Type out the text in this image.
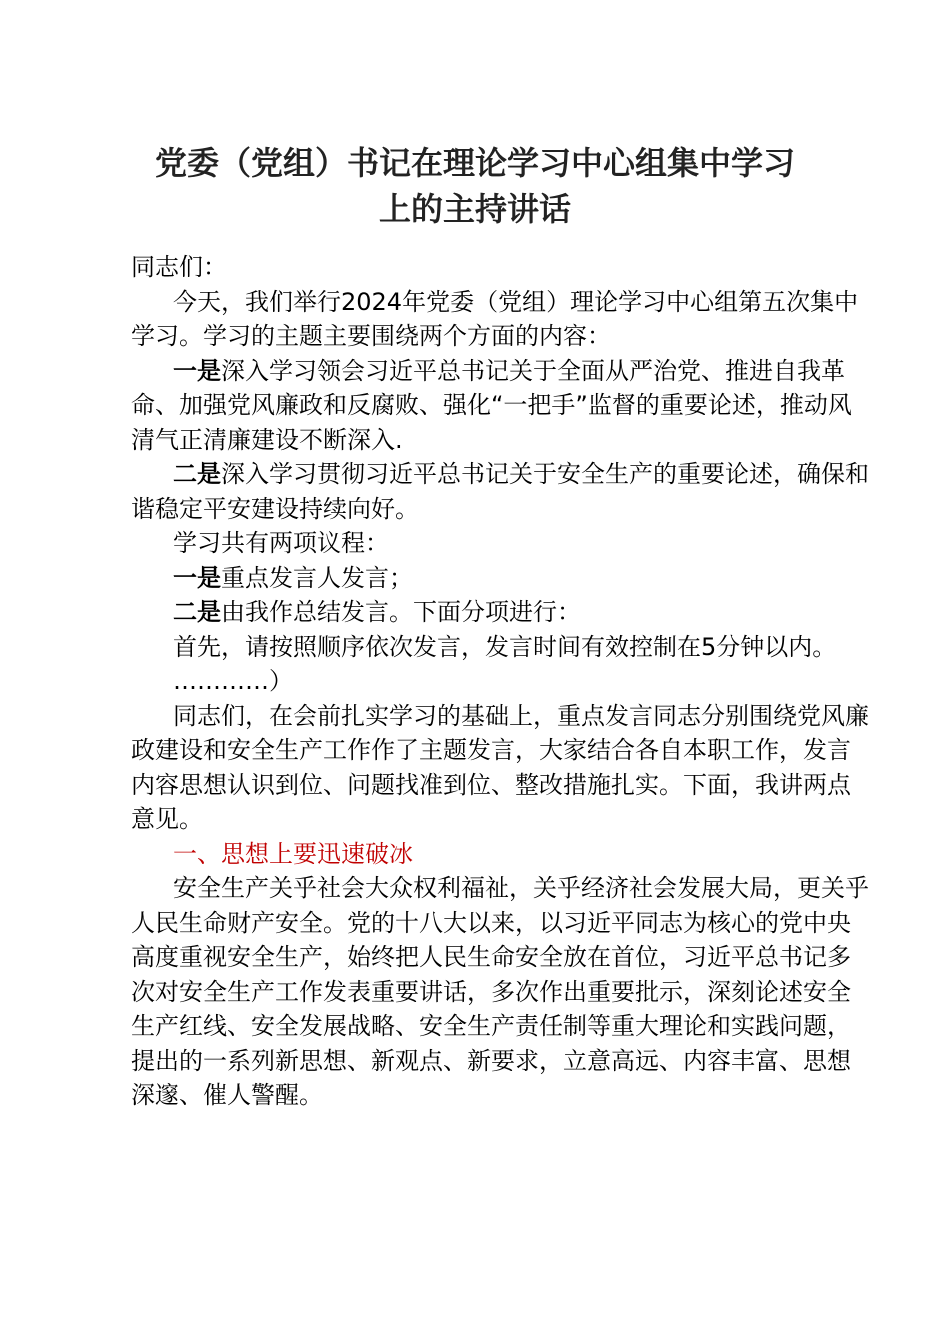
党委（党组）书记在理论学习中心组集中学习
上的主持讲话

同志们：

今天，我们举行2024年党委（党组）理论学习中心组第五次集中学习。学习的主题主要围绕两个方面的内容：

一是深入学习领会习近平总书记关于全面从严治党、推进自我革命、加强党风廉政和反腐败、强化“一把手”监督的重要论述，推动风清气正清廉建设不断深入.

二是深入学习贯彻习近平总书记关于安全生产的重要论述，确保和谐稳定平安建设持续向好。

学习共有两项议程：

一是重点发言人发言；

二是由我作总结发言。下面分项进行：

首先，请按照顺序依次发言，发言时间有效控制在5分钟以内。

…………）

同志们，在会前扎实学习的基础上，重点发言同志分别围绕党风廉政建设和安全生产工作作了主题发言，大家结合各自本职工作，发言内容思想认识到位、问题找准到位、整改措施扎实。下面，我讲两点意见。

一、思想上要迅速破冰

安全生产关乎社会大众权利福祉，关乎经济社会发展大局，更关乎人民生命财产安全。党的十八大以来，以习近平同志为核心的党中央高度重视安全生产，始终把人民生命安全放在首位，习近平总书记多次对安全生产工作发表重要讲话，多次作出重要批示，深刻论述安全生产红线、安全发展战略、安全生产责任制等重大理论和实践问题，提出的一系列新思想、新观点、新要求，立意高远、内容丰富、思想深邃、催人警醒。
